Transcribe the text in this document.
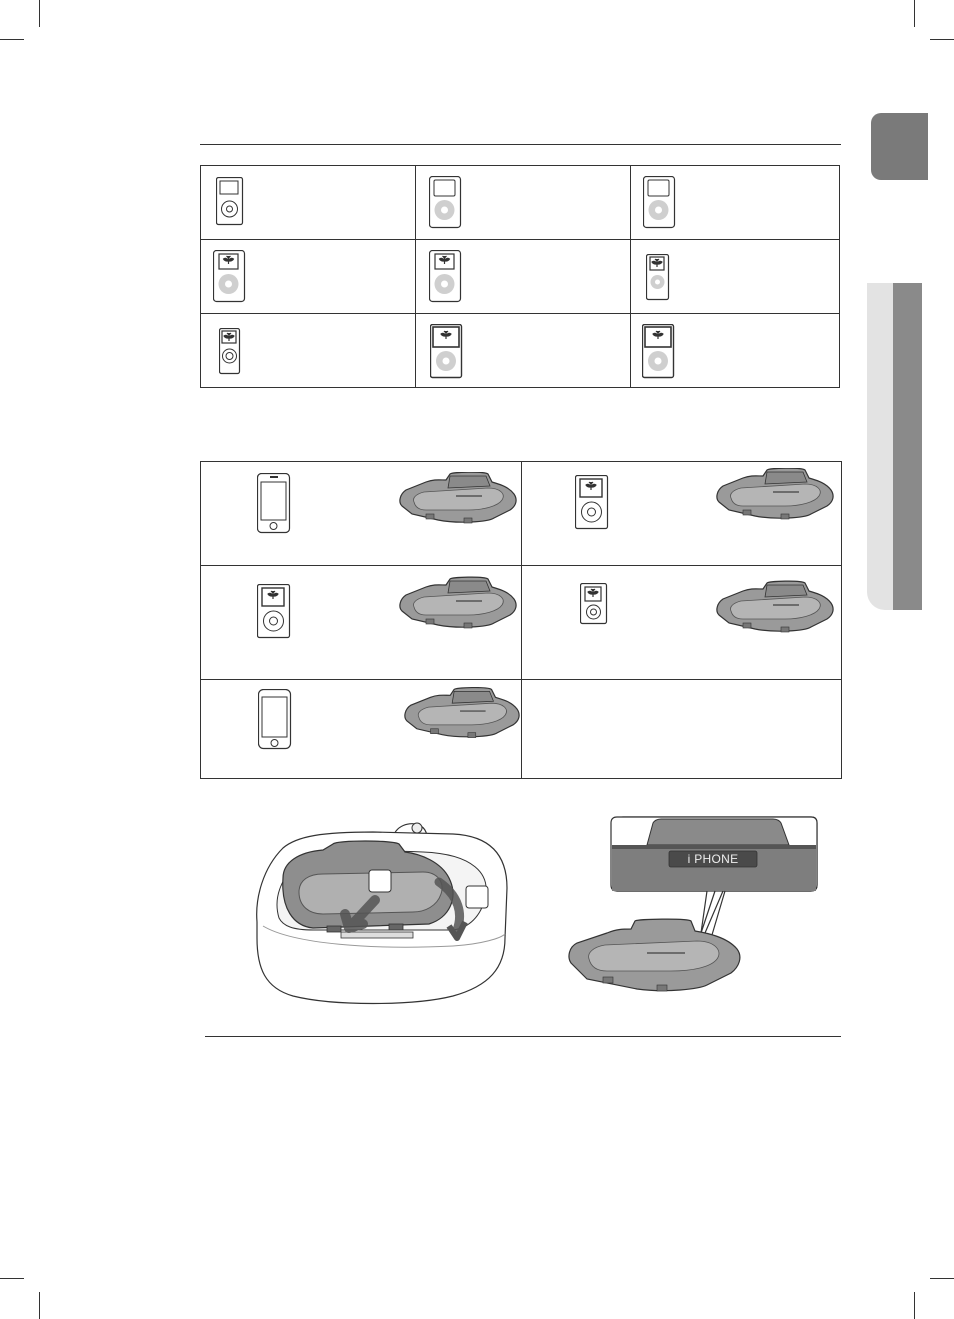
i PHONE
